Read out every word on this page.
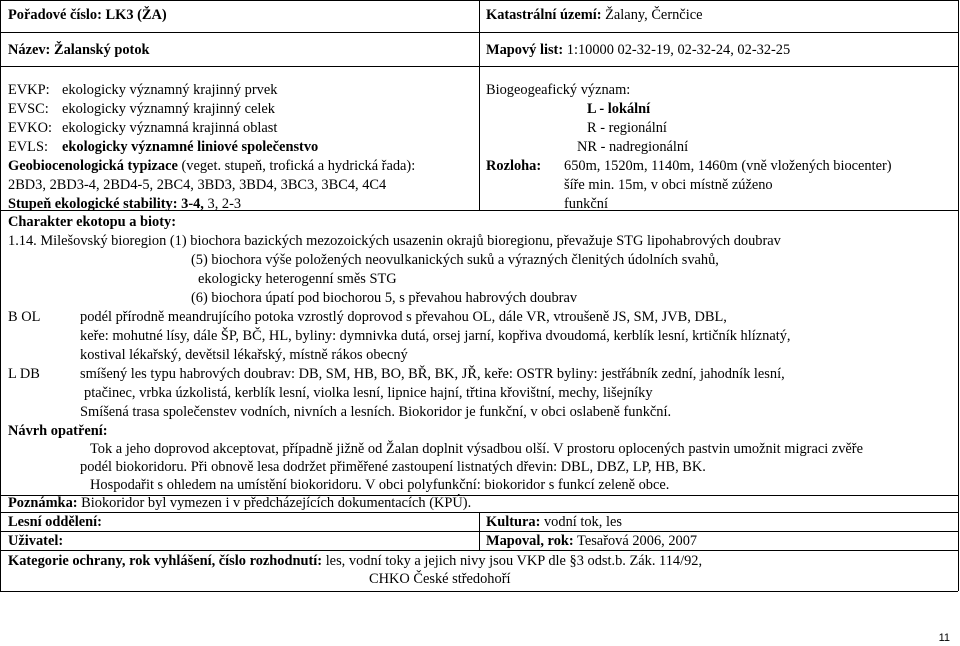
Pořadové číslo: LK3 (ŽA)	Katastrální území: Žalany, Černčice
Název: Žalanský potok	Mapový list: 1:10000 02-32-19, 02-32-24, 02-32-25
EVKP: ekologicky významný krajinný prvek
EVSC: ekologicky významný krajinný celek
EVKO: ekologicky významná krajinná oblast
EVLS: ekologicky významné liniové společenstvo
Biogeogeafický význam:
L - lokální
R - regionální
NR - nadregionální
Geobiocenologická typizace (veget. stupeň, trofická a hydrická řada):
2BD3, 2BD3-4, 2BD4-5, 2BC4, 3BD3, 3BD4, 3BC3, 3BC4, 4C4
Stupeň ekologické stability: 3-4, 3, 2-3
Rozloha: 650m, 1520m, 1140m, 1460m (vně vložených biocenter)
šíře min. 15m, v obci místně zúženo
funkční
Charakter ekotopu a bioty:
1.14. Milešovský bioregion (1) biochora bazických mezozoických usazenin okrajů bioregionu, převažuje STG lipohabrových doubrav
(5) biochora výše položených neovulkanických suků a výrazných členitých údolních svahů,
ekologicky heterogenní směs STG
(6) biochora úpatí pod biochorou 5, s převahou habrových doubrav
B OL	podél přírodně meandrujícího potoka vzrostlý doprovod s převahou OL, dále VR, vtroušeně JS, SM, JVB, DBL,
keře: mohutné lísy, dále ŠP, BČ, HL, byliny: dymnivka dutá, orsej jarní, kopřiva dvoudomá, kerblík lesní, krtičník hlíznatý,
kostival lékařský, devětsil lékařský, místně rákos obecný
L DB	smíšený les typu habrových doubrav: DB, SM, HB, BO, BŘ, BK, JŘ, keře: OSTR byliny: jestřábník zední, jahodník lesní,
ptačinec, vrbka úzkolistá, kerblík lesní, violka lesní, lipnice hajní, třtina křovištní, mechy, lišejníky
Smíšená trasa společenstev vodních, nivních a lesních. Biokoridor je funkční, v obci oslabeně funkční.
Návrh opatření:
Tok a jeho doprovod akceptovat, případně jižně od Žalan doplnit výsadbou olší. V prostoru oplocených pastvin umožnit migraci zvěře
podél biokoridoru. Při obnově lesa dodržet přiměřené zastoupení listnatých dřevin: DBL, DBZ, LP, HB, BK.
Hospodařit s ohledem na umístění biokoridoru. V obci polyfunkční: biokoridor s funkcí zeleně obce.
Poznámka: Biokoridor byl vymezen i v předcházejících dokumentacích (KPÚ).
Lesní oddělení:	Kultura: vodní tok, les
Uživatel:	Mapoval, rok: Tesařová 2006, 2007
Kategorie ochrany, rok vyhlášení, číslo rozhodnutí: les, vodní toky a jejich nivy jsou VKP dle §3 odst.b. Zák. 114/92,
CHKO České středohoří
11
